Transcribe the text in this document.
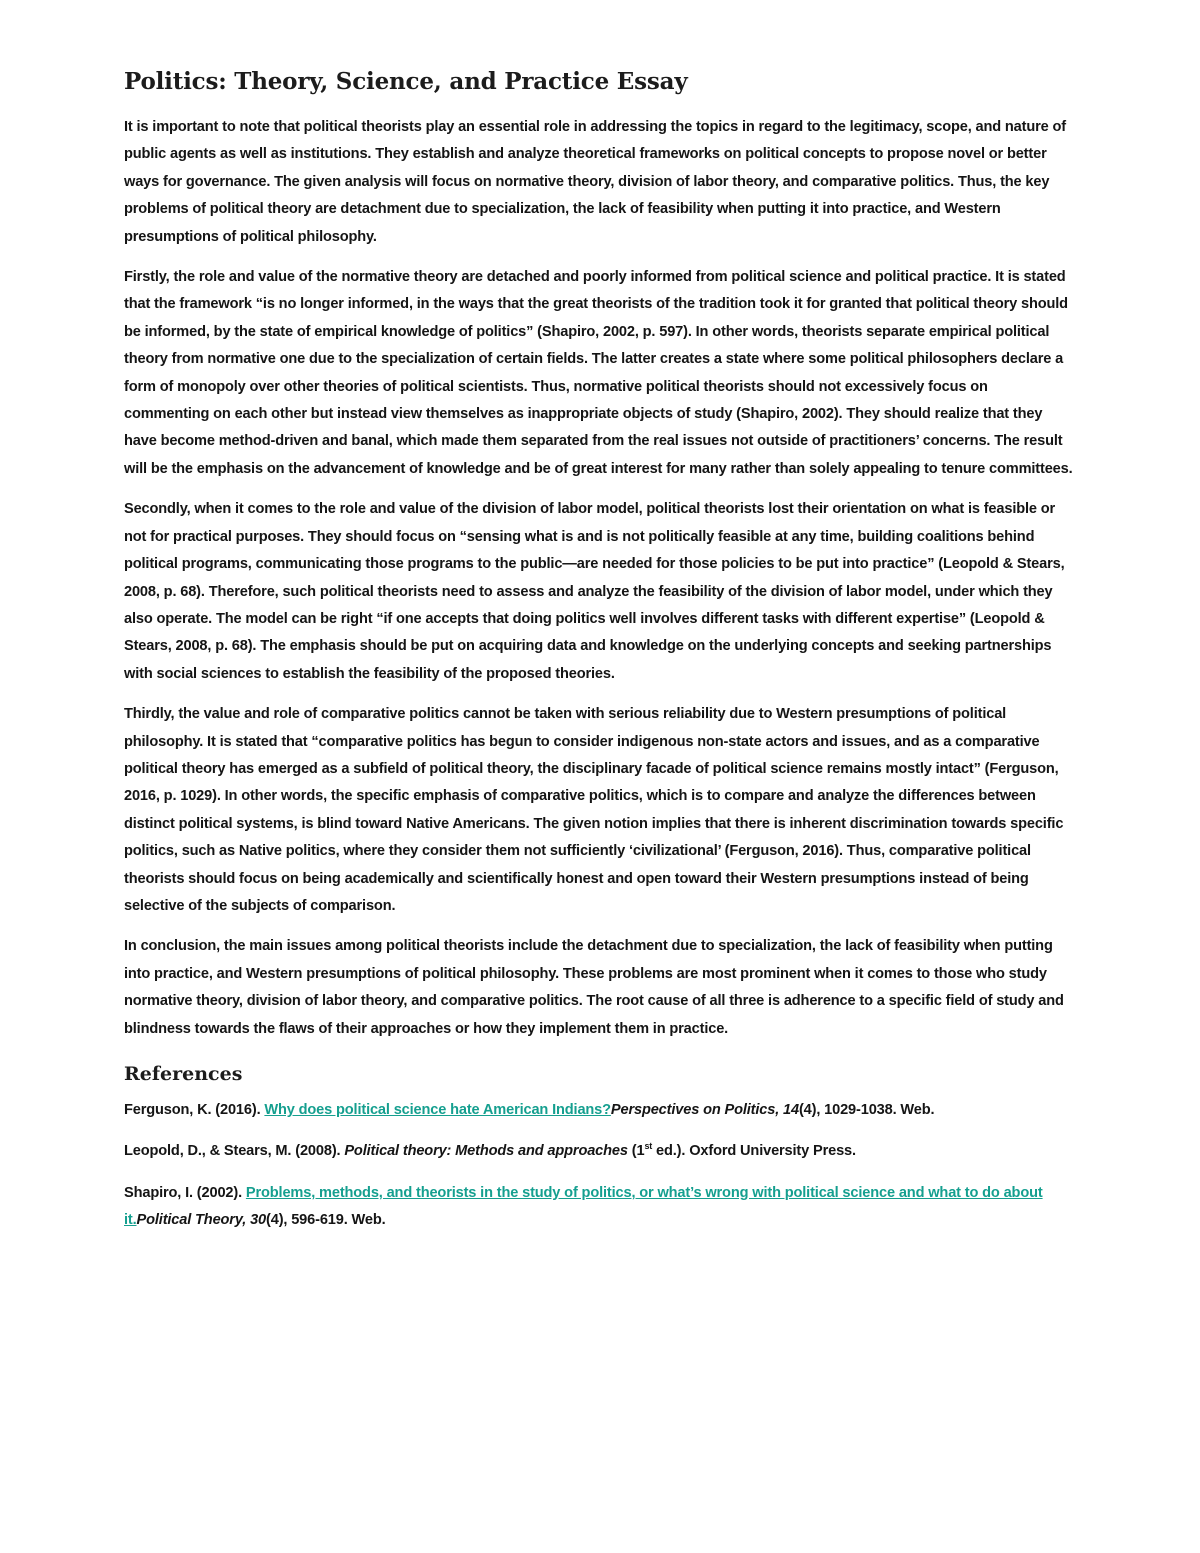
Politics: Theory, Science, and Practice Essay

It is important to note that political theorists play an essential role in addressing the topics in regard to the legitimacy, scope, and nature of public agents as well as institutions. They establish and analyze theoretical frameworks on political concepts to propose novel or better ways for governance. The given analysis will focus on normative theory, division of labor theory, and comparative politics. Thus, the key problems of political theory are detachment due to specialization, the lack of feasibility when putting it into practice, and Western presumptions of political philosophy.

Firstly, the role and value of the normative theory are detached and poorly informed from political science and political practice. It is stated that the framework “is no longer informed, in the ways that the great theorists of the tradition took it for granted that political theory should be informed, by the state of empirical knowledge of politics” (Shapiro, 2002, p. 597). In other words, theorists separate empirical political theory from normative one due to the specialization of certain fields. The latter creates a state where some political philosophers declare a form of monopoly over other theories of political scientists. Thus, normative political theorists should not excessively focus on commenting on each other but instead view themselves as inappropriate objects of study (Shapiro, 2002). They should realize that they have become method-driven and banal, which made them separated from the real issues not outside of practitioners’ concerns. The result will be the emphasis on the advancement of knowledge and be of great interest for many rather than solely appealing to tenure committees.

Secondly, when it comes to the role and value of the division of labor model, political theorists lost their orientation on what is feasible or not for practical purposes. They should focus on “sensing what is and is not politically feasible at any time, building coalitions behind political programs, communicating those programs to the public—are needed for those policies to be put into practice” (Leopold & Stears, 2008, p. 68). Therefore, such political theorists need to assess and analyze the feasibility of the division of labor model, under which they also operate. The model can be right “if one accepts that doing politics well involves different tasks with different expertise” (Leopold & Stears, 2008, p. 68). The emphasis should be put on acquiring data and knowledge on the underlying concepts and seeking partnerships with social sciences to establish the feasibility of the proposed theories.

Thirdly, the value and role of comparative politics cannot be taken with serious reliability due to Western presumptions of political philosophy. It is stated that “comparative politics has begun to consider indigenous non-state actors and issues, and as a comparative political theory has emerged as a subfield of political theory, the disciplinary facade of political science remains mostly intact” (Ferguson, 2016, p. 1029). In other words, the specific emphasis of comparative politics, which is to compare and analyze the differences between distinct political systems, is blind toward Native Americans. The given notion implies that there is inherent discrimination towards specific politics, such as Native politics, where they consider them not sufficiently ‘civilizational’ (Ferguson, 2016). Thus, comparative political theorists should focus on being academically and scientifically honest and open toward their Western presumptions instead of being selective of the subjects of comparison.

In conclusion, the main issues among political theorists include the detachment due to specialization, the lack of feasibility when putting into practice, and Western presumptions of political philosophy. These problems are most prominent when it comes to those who study normative theory, division of labor theory, and comparative politics. The root cause of all three is adherence to a specific field of study and blindness towards the flaws of their approaches or how they implement them in practice.

References

Ferguson, K. (2016). Why does political science hate American Indians?Perspectives on Politics, 14(4), 1029-1038. Web.

Leopold, D., & Stears, M. (2008). Political theory: Methods and approaches (1st ed.). Oxford University Press.

Shapiro, I. (2002). Problems, methods, and theorists in the study of politics, or what’s wrong with political science and what to do about it.Political Theory, 30(4), 596-619. Web.
